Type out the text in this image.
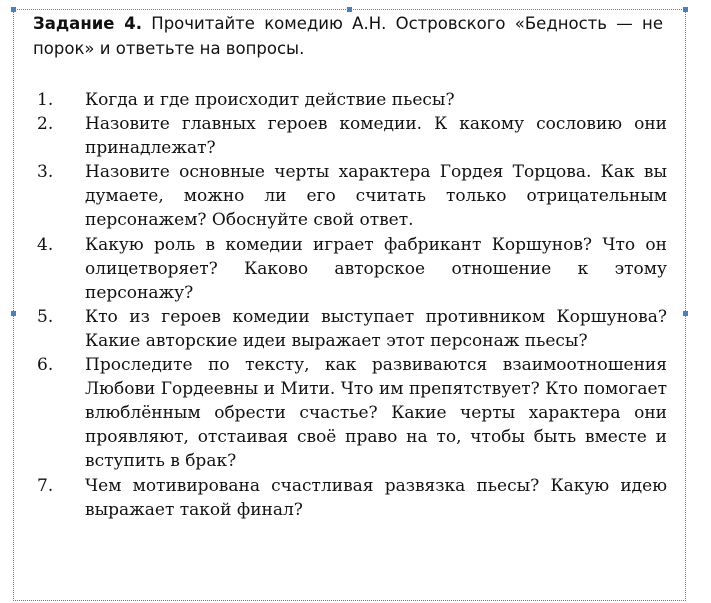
Задание 4. Прочитайте комедию А.Н. Островского «Бедность — не порок» и ответьте на вопросы.
1. Когда и где происходит действие пьесы?
2. Назовите главных героев комедии. К какому сословию они принадлежат?
3. Назовите основные черты характера Гордея Торцова. Как вы думаете, можно ли его считать только отрицательным персонажем? Обоснуйте свой ответ.
4. Какую роль в комедии играет фабрикант Коршунов? Что он олицетворяет? Каково авторское отношение к этому персонажу?
5. Кто из героев комедии выступает противником Коршунова? Какие авторские идеи выражает этот персонаж пьесы?
6. Проследите по тексту, как развиваются взаимоотношения Любови Гордеевны и Мити. Что им препятствует? Кто помогает влюблённым обрести счастье? Какие черты характера они проявляют, отстаивая своё право на то, чтобы быть вместе и вступить в брак?
7. Чем мотивирована счастливая развязка пьесы? Какую идею выражает такой финал?
